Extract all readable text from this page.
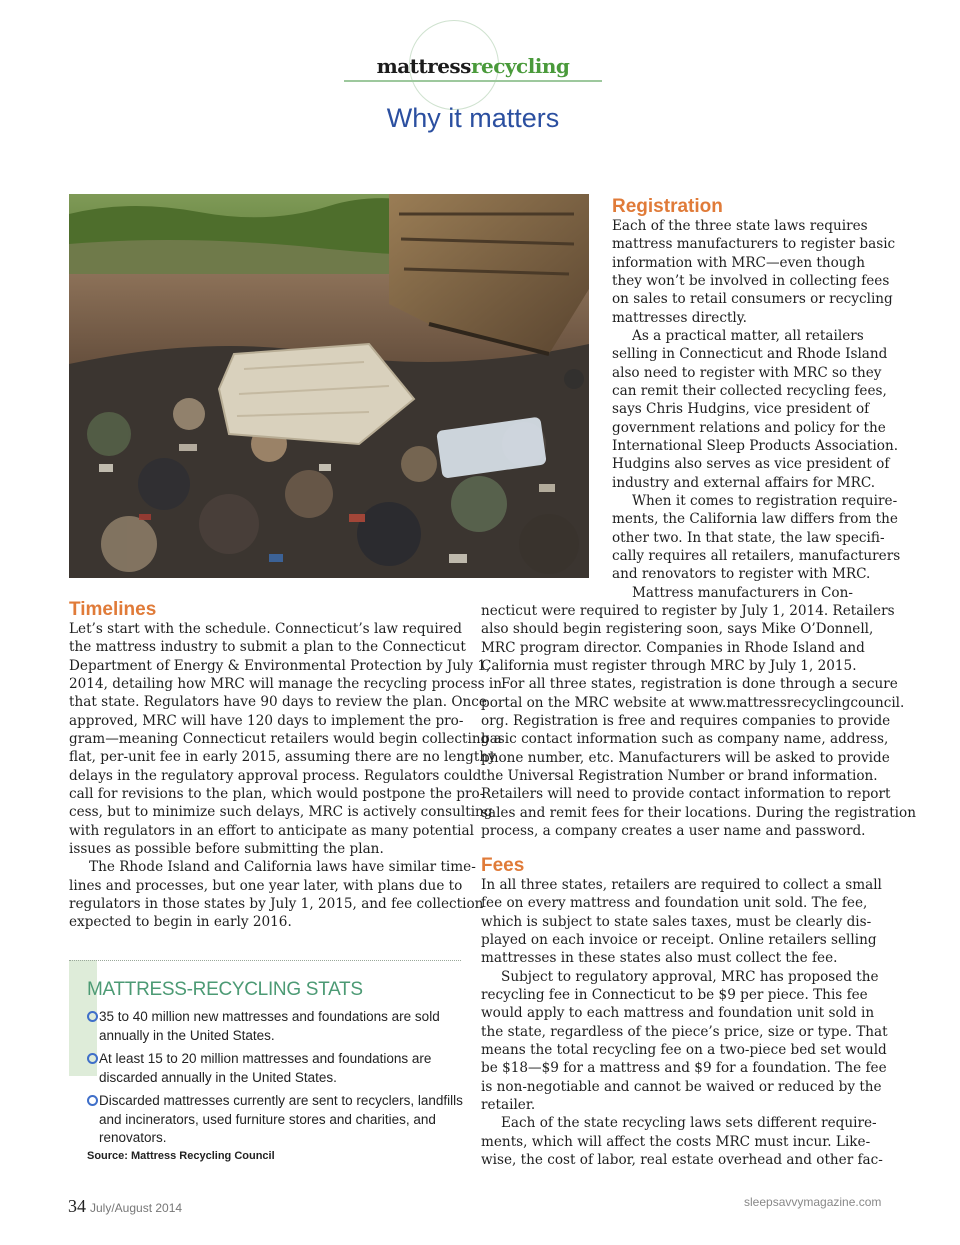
mattressrecycling
Why it matters
Registration
Each of the three state laws requires
mattress manufacturers to register basic
information with MRC—even though
they won’t be involved in collecting fees
on sales to retail consumers or recycling
mattresses directly.
As a practical matter, all retailers
selling in Connecticut and Rhode Island
also need to register with MRC so they
can remit their collected recycling fees,
says Chris Hudgins, vice president of
government relations and policy for the
International Sleep Products Association.
Hudgins also serves as vice president of
industry and external affairs for MRC.
When it comes to registration require-
ments, the California law differs from the
other two. In that state, the law specifi-
cally requires all retailers, manufacturers
and renovators to register with MRC.
Mattress manufacturers in Con-
necticut were required to register by July 1, 2014. Retailers
also should begin registering soon, says Mike O’Donnell,
MRC program director. Companies in Rhode Island and
California must register through MRC by July 1, 2015.
For all three states, registration is done through a secure
portal on the MRC website at www.mattressrecyclingcouncil.
org. Registration is free and requires companies to provide
basic contact information such as company name, address,
phone number, etc. Manufacturers will be asked to provide
the Universal Registration Number or brand information.
Retailers will need to provide contact information to report
sales and remit fees for their locations. During the registration
process, a company creates a user name and password.
Timelines
Let’s start with the schedule. Connecticut’s law required
the mattress industry to submit a plan to the Connecticut
Department of Energy & Environmental Protection by July 1,
2014, detailing how MRC will manage the recycling process in
that state. Regulators have 90 days to review the plan. Once
approved, MRC will have 120 days to implement the pro-
gram—meaning Connecticut retailers would begin collecting a
flat, per-unit fee in early 2015, assuming there are no lengthy
delays in the regulatory approval process. Regulators could
call for revisions to the plan, which would postpone the pro-
cess, but to minimize such delays, MRC is actively consulting
with regulators in an effort to anticipate as many potential
issues as possible before submitting the plan.
The Rhode Island and California laws have similar time-
lines and processes, but one year later, with plans due to
regulators in those states by July 1, 2015, and fee collection
expected to begin in early 2016.
Fees
In all three states, retailers are required to collect a small
fee on every mattress and foundation unit sold. The fee,
which is subject to state sales taxes, must be clearly dis-
played on each invoice or receipt. Online retailers selling
mattresses in these states also must collect the fee.
Subject to regulatory approval, MRC has proposed the
recycling fee in Connecticut to be $9 per piece. This fee
would apply to each mattress and foundation unit sold in
the state, regardless of the piece’s price, size or type. That
means the total recycling fee on a two-piece bed set would
be $18—$9 for a mattress and $9 for a foundation. The fee
is non-negotiable and cannot be waived or reduced by the
retailer.
Each of the state recycling laws sets different require-
ments, which will affect the costs MRC must incur. Like-
wise, the cost of labor, real estate overhead and other fac-
MATTRESS-RECYCLING STATS
35 to 40 million new mattresses and foundations are sold
annually in the United States.
At least 15 to 20 million mattresses and foundations are
discarded annually in the United States.
Discarded mattresses currently are sent to recyclers, landfills
and incinerators, used furniture stores and charities, and
renovators.
Source: Mattress Recycling Council
34 July/August 2014	sleepsavvymagazine.com
